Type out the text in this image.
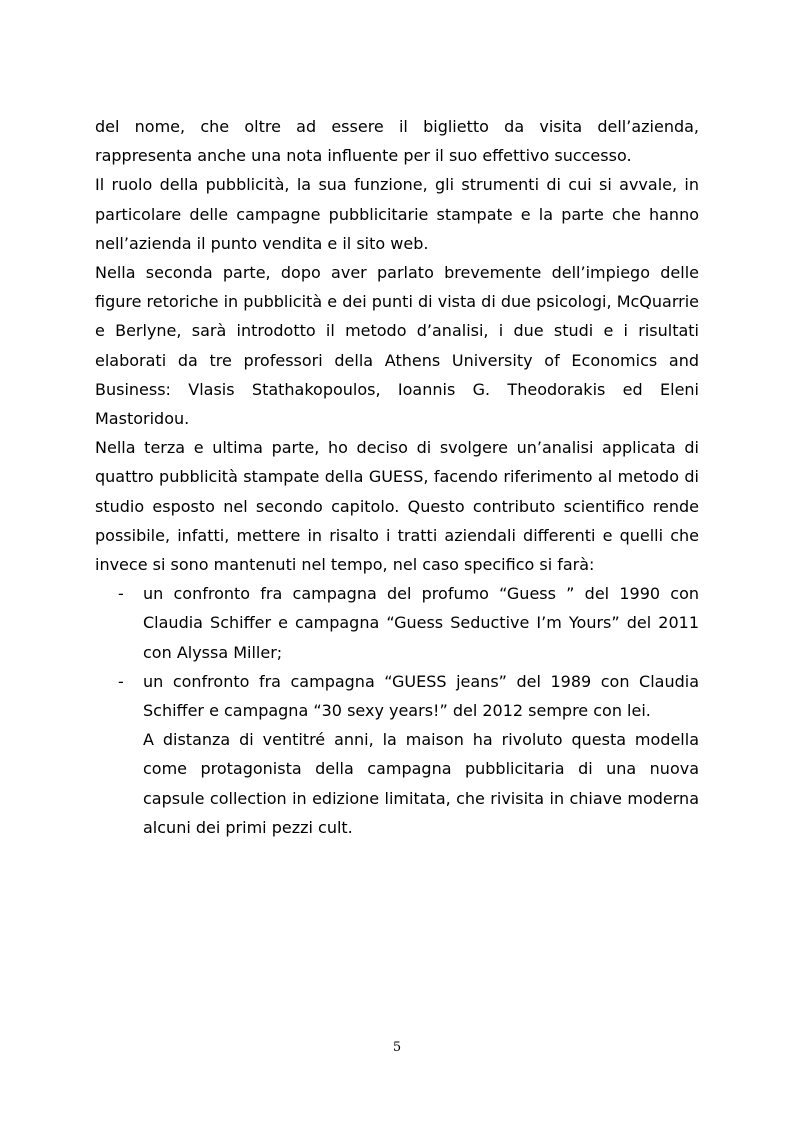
del nome, che oltre ad essere il biglietto da visita dell’azienda, rappresenta anche una nota influente per il suo effettivo successo.

Il ruolo della pubblicità, la sua funzione, gli strumenti di cui si avvale, in particolare delle campagne pubblicitarie stampate e la parte che hanno nell’azienda il punto vendita e il sito web.

Nella seconda parte, dopo aver parlato brevemente dell’impiego delle figure retoriche in pubblicità e dei punti di vista di due psicologi, McQuarrie e Berlyne, sarà introdotto il metodo d’analisi, i due studi e i risultati elaborati da tre professori della Athens University of Economics and Business: Vlasis Stathakopoulos, Ioannis G. Theodorakis ed Eleni Mastoridou.

Nella terza e ultima parte, ho deciso di svolgere un’analisi applicata di quattro pubblicità stampate della GUESS, facendo riferimento al metodo di studio esposto nel secondo capitolo. Questo contributo scientifico rende possibile, infatti, mettere in risalto i tratti aziendali differenti e quelli che invece si sono mantenuti nel tempo, nel caso specifico si farà:

- un confronto fra campagna del profumo “Guess ” del 1990 con Claudia Schiffer e campagna “Guess Seductive I’m Yours” del 2011 con Alyssa Miller;
- un confronto fra campagna “GUESS jeans” del 1989 con Claudia Schiffer e campagna “30 sexy years!” del 2012 sempre con lei.

A distanza di ventitré anni, la maison ha rivoluto questa modella come protagonista della campagna pubblicitaria di una nuova capsule collection in edizione limitata, che rivisita in chiave moderna alcuni dei primi pezzi cult.

5
